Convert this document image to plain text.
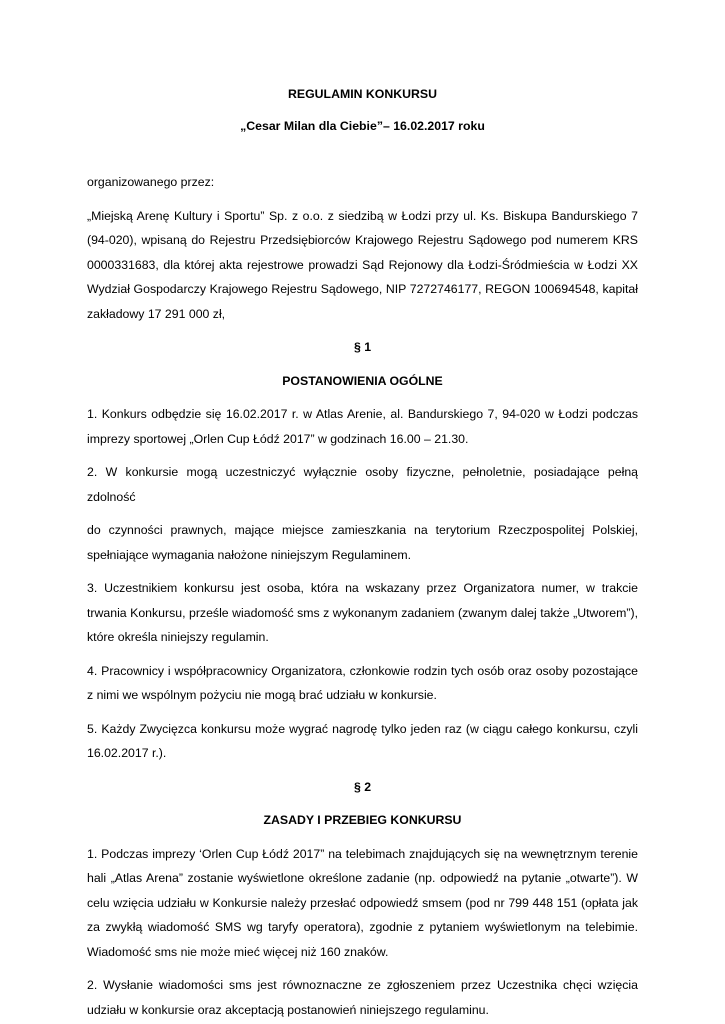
REGULAMIN KONKURSU

„Cesar Milan dla Ciebie”– 16.02.2017 roku

organizowanego przez:

„Miejską Arenę Kultury i Sportu” Sp. z o.o. z siedzibą w Łodzi przy ul. Ks. Biskupa Bandurskiego 7 (94-020), wpisaną do Rejestru Przedsiębiorców Krajowego Rejestru Sądowego pod numerem KRS 0000331683, dla której akta rejestrowe prowadzi Sąd Rejonowy dla Łodzi-Śródmieścia w Łodzi XX Wydział Gospodarczy Krajowego Rejestru Sądowego, NIP 7272746177, REGON 100694548, kapitał zakładowy 17 291 000 zł,

§ 1

POSTANOWIENIA OGÓLNE

1. Konkurs odbędzie się 16.02.2017 r. w Atlas Arenie, al. Bandurskiego 7, 94-020 w Łodzi podczas imprezy sportowej „Orlen Cup Łódź 2017” w godzinach 16.00 – 21.30.

2. W konkursie mogą uczestniczyć wyłącznie osoby fizyczne, pełnoletnie, posiadające pełną zdolność

do czynności prawnych, mające miejsce zamieszkania na terytorium Rzeczpospolitej Polskiej, spełniające wymagania nałożone niniejszym Regulaminem.

3. Uczestnikiem konkursu jest osoba, która na wskazany przez Organizatora numer, w trakcie trwania Konkursu, prześle wiadomość sms z wykonanym zadaniem (zwanym dalej także „Utworem”), które określa niniejszy regulamin.

4. Pracownicy i współpracownicy Organizatora, członkowie rodzin tych osób oraz osoby pozostające z nimi we wspólnym pożyciu nie mogą brać udziału w konkursie.

5. Każdy Zwycięzca konkursu może wygrać nagrodę tylko jeden raz (w ciągu całego konkursu, czyli 16.02.2017 r.).

§ 2

ZASADY I PRZEBIEG KONKURSU

1. Podczas imprezy ‘Orlen Cup Łódź 2017” na telebimach znajdujących się na wewnętrznym terenie hali „Atlas Arena” zostanie wyświetlone określone zadanie (np. odpowiedź na pytanie „otwarte”). W celu wzięcia udziału w Konkursie należy przesłać odpowiedź smsem (pod nr 799 448 151 (opłata jak za zwykłą wiadomość SMS wg taryfy operatora), zgodnie z pytaniem wyświetlonym na telebimie. Wiadomość sms nie może mieć więcej niż 160 znaków.

2. Wysłanie wiadomości sms jest równoznaczne ze zgłoszeniem przez Uczestnika chęci wzięcia udziału w konkursie oraz akceptacją postanowień niniejszego regulaminu.
